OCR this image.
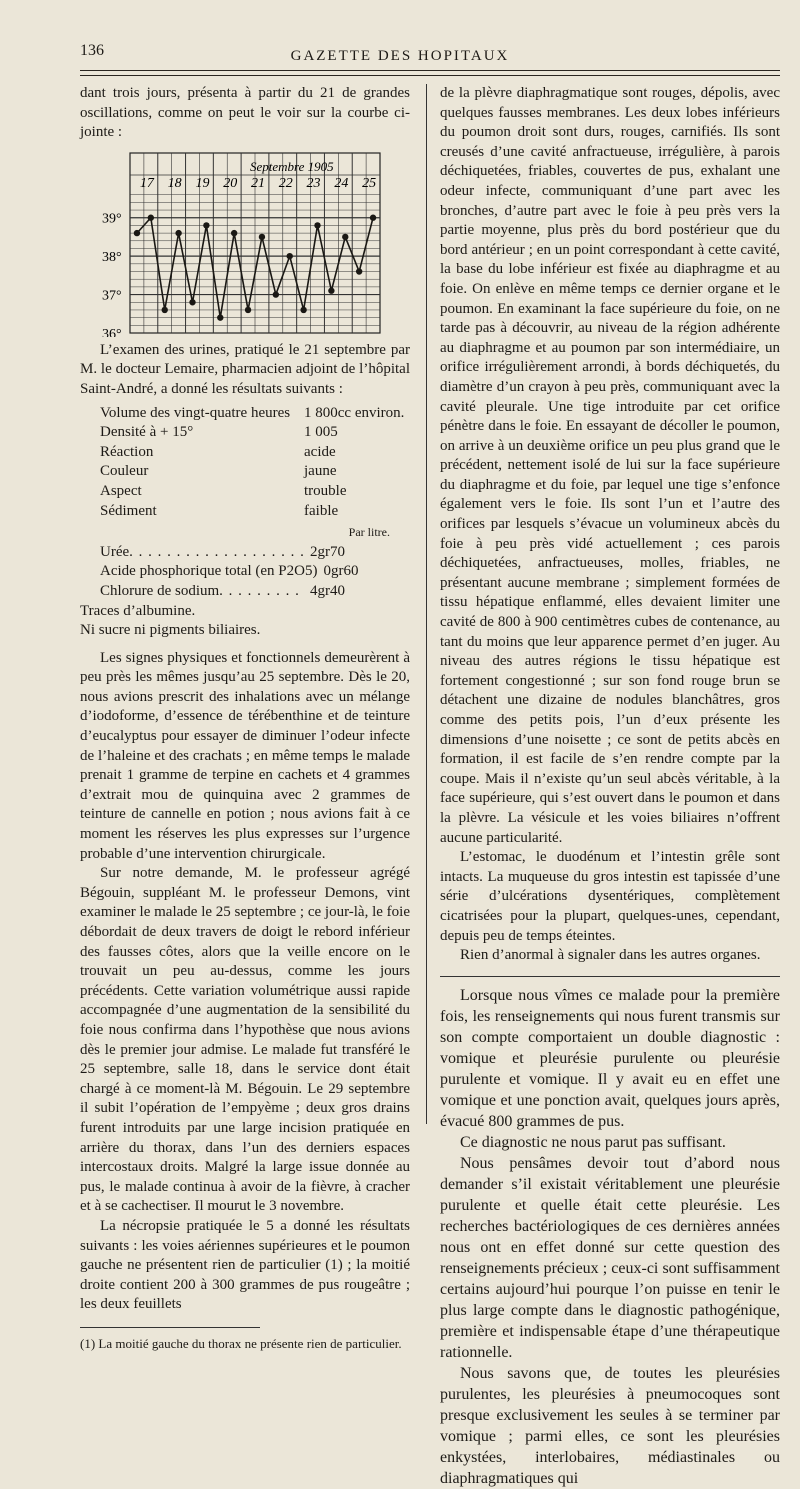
136	GAZETTE DES HOPITAUX

dant trois jours, présenta à partir du 21 de grandes oscillations, comme on peut le voir sur la courbe ci-jointe :

39°
38°
37°
36°
17 18 19 20 21 22 23 24 25
Septembre 1905

L’examen des urines, pratiqué le 21 septembre par M. le docteur Lemaire, pharmacien adjoint de l’hôpital Saint-André, a donné les résultats suivants :

Volume des vingt-quatre heures 1 800cc environ.
Densité à + 15°	1 005
Réaction	acide
Couleur	jaune
Aspect	trouble
Sédiment	faible
Par litre.
Urée . . .	2gr70
Acide phosphorique total (en P2O5) 0gr60
Chlorure de sodium . . .	4gr40

Traces d’albumine.

Ni sucre ni pigments biliaires.

Les signes physiques et fonctionnels demeurèrent à peu près les mêmes jusqu’au 25 septembre. Dès le 20, nous avions prescrit des inhalations avec un mélange d’iodoforme, d’essence de térébenthine et de teinture d’eucalyptus pour essayer de diminuer l’odeur infecte de l’haleine et des crachats ; en même temps le malade prenait 1 gramme de terpine en cachets et 4 grammes d’extrait mou de quinquina avec 2 grammes de teinture de cannelle en potion ; nous avions fait à ce moment les réserves les plus expresses sur l’urgence probable d’une intervention chirurgicale.

Sur notre demande, M. le professeur agrégé Bégouin, suppléant M. le professeur Demons, vint examiner le malade le 25 septembre ; ce jour-là, le foie débordait de deux travers de doigt le rebord inférieur des fausses côtes, alors que la veille encore on le trouvait un peu au-dessus, comme les jours précédents. Cette variation volumétrique aussi rapide accompagnée d’une augmentation de la sensibilité du foie nous confirma dans l’hypothèse que nous avions dès le premier jour admise. Le malade fut transféré le 25 septembre, salle 18, dans le service dont était chargé à ce moment-là M. Bégouin. Le 29 septembre il subit l’opération de l’empyème ; deux gros drains furent introduits par une large incision pratiquée en arrière du thorax, dans l’un des derniers espaces intercostaux droits. Malgré la large issue donnée au pus, le malade continua à avoir de la fièvre, à cracher et à se cachectiser. Il mourut le 3 novembre.

La nécropsie pratiquée le 5 a donné les résultats suivants : les voies aériennes supérieures et le poumon gauche ne présentent rien de particulier (1) ; la moitié droite contient 200 à 300 grammes de pus rougeâtre ; les deux feuillets

(1) La moitié gauche du thorax ne présente rien de particulier.

de la plèvre diaphragmatique sont rouges, dépolis, avec quelques fausses membranes. Les deux lobes inférieurs du poumon droit sont durs, rouges, carnifiés. Ils sont creusés d’une cavité anfractueuse, irrégulière, à parois déchiquetées, friables, couvertes de pus, exhalant une odeur infecte, communiquant d’une part avec les bronches, d’autre part avec le foie à peu près vers la partie moyenne, plus près du bord postérieur que du bord antérieur ; en un point correspondant à cette cavité, la base du lobe inférieur est fixée au diaphragme et au foie. On enlève en même temps ce dernier organe et le poumon. En examinant la face supérieure du foie, on ne tarde pas à découvrir, au niveau de la région adhérente au diaphragme et au poumon par son intermédiaire, un orifice irrégulièrement arrondi, à bords déchiquetés, du diamètre d’un crayon à peu près, communiquant avec la cavité pleurale. Une tige introduite par cet orifice pénètre dans le foie. En essayant de décoller le poumon, on arrive à un deuxième orifice un peu plus grand que le précédent, nettement isolé de lui sur la face supérieure du diaphragme et du foie, par lequel une tige s’enfonce également vers le foie. Ils sont l’un et l’autre des orifices par lesquels s’évacue un volumineux abcès du foie à peu près vidé actuellement ; ces parois déchiquetées, anfractueuses, molles, friables, ne présentant aucune membrane ; simplement formées de tissu hépatique enflammé, elles devaient limiter une cavité de 800 à 900 centimètres cubes de contenance, au tant du moins que leur apparence permet d’en juger. Au niveau des autres régions le tissu hépatique est fortement congestionné ; sur son fond rouge brun se détachent une dizaine de nodules blanchâtres, gros comme des petits pois, l’un d’eux présente les dimensions d’une noisette ; ce sont de petits abcès en formation, il est facile de s’en rendre compte par la coupe. Mais il n’existe qu’un seul abcès véritable, à la face supérieure, qui s’est ouvert dans le poumon et dans la plèvre. La vésicule et les voies biliaires n’offrent aucune particularité.

L’estomac, le duodénum et l’intestin grêle sont intacts. La muqueuse du gros intestin est tapissée d’une série d’ulcérations dysentériques, complètement cicatrisées pour la plupart, quelques-unes, cependant, depuis peu de temps éteintes.

Rien d’anormal à signaler dans les autres organes.

Lorsque nous vîmes ce malade pour la première fois, les renseignements qui nous furent transmis sur son compte comportaient un double diagnostic : vomique et pleurésie purulente ou pleurésie purulente et vomique. Il y avait eu en effet une vomique et une ponction avait, quelques jours après, évacué 800 grammes de pus.

Ce diagnostic ne nous parut pas suffisant.

Nous pensâmes devoir tout d’abord nous demander s’il existait véritablement une pleurésie purulente et quelle était cette pleurésie. Les recherches bactériologiques de ces dernières années nous ont en effet donné sur cette question des renseignements précieux ; ceux-ci sont suffisamment certains aujourd’hui pourque l’on puisse en tenir le plus large compte dans le diagnostic pathogénique, première et indispensable étape d’une thérapeutique rationnelle.

Nous savons que, de toutes les pleurésies purulentes, les pleurésies à pneumocoques sont presque exclusivement les seules à se terminer par vomique ; parmi elles, ce sont les pleurésies enkystées, interlobaires, médiastinales ou diaphragmatiques qui
